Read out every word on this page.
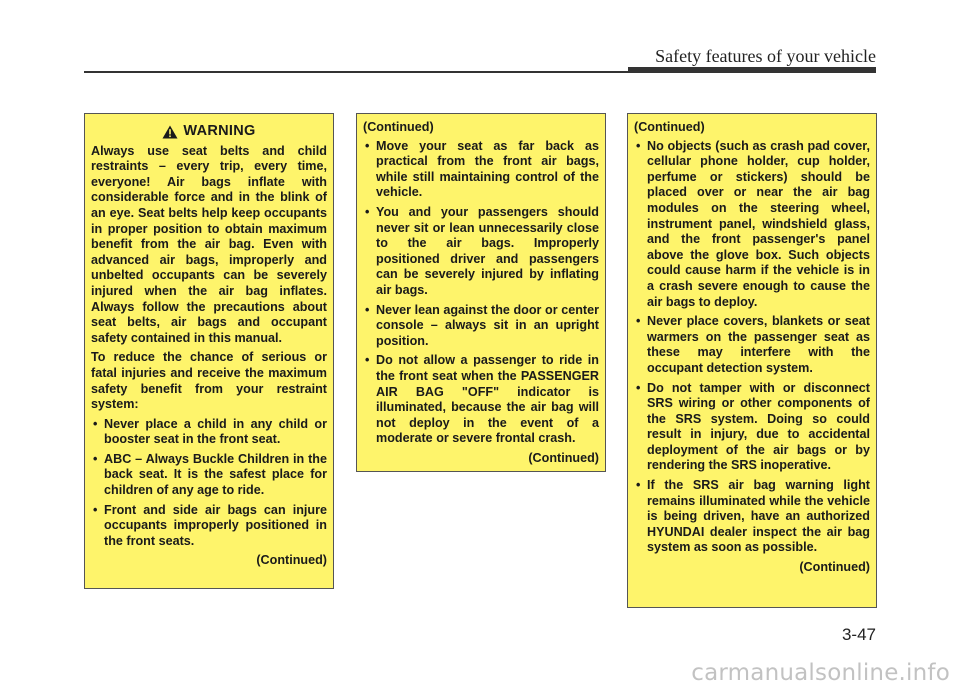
Safety features of your vehicle
WARNING

Always use seat belts and child restraints – every trip, every time, everyone! Air bags inflate with considerable force and in the blink of an eye. Seat belts help keep occupants in proper position to obtain maximum benefit from the air bag. Even with advanced air bags, improperly and unbelted occupants can be severely injured when the air bag inflates. Always follow the precautions about seat belts, air bags and occupant safety contained in this manual.

To reduce the chance of serious or fatal injuries and receive the maximum safety benefit from your restraint system:

• Never place a child in any child or booster seat in the front seat.
• ABC – Always Buckle Children in the back seat. It is the safest place for children of any age to ride.
• Front and side air bags can injure occupants improperly positioned in the front seats.
(Continued)
(Continued)
• Move your seat as far back as practical from the front air bags, while still maintaining control of the vehicle.
• You and your passengers should never sit or lean unnecessarily close to the air bags. Improperly positioned driver and passengers can be severely injured by inflating air bags.
• Never lean against the door or center console – always sit in an upright position.
• Do not allow a passenger to ride in the front seat when the PASSENGER AIR BAG "OFF" indicator is illuminated, because the air bag will not deploy in the event of a moderate or severe frontal crash.
(Continued)
(Continued)
• No objects (such as crash pad cover, cellular phone holder, cup holder, perfume or stickers) should be placed over or near the air bag modules on the steering wheel, instrument panel, windshield glass, and the front passenger's panel above the glove box. Such objects could cause harm if the vehicle is in a crash severe enough to cause the air bags to deploy.
• Never place covers, blankets or seat warmers on the passenger seat as these may interfere with the occupant detection system.
• Do not tamper with or disconnect SRS wiring or other components of the SRS system. Doing so could result in injury, due to accidental deployment of the air bags or by rendering the SRS inoperative.
• If the SRS air bag warning light remains illuminated while the vehicle is being driven, have an authorized HYUNDAI dealer inspect the air bag system as soon as possible.
(Continued)
3-47
carmanualsonline.info
